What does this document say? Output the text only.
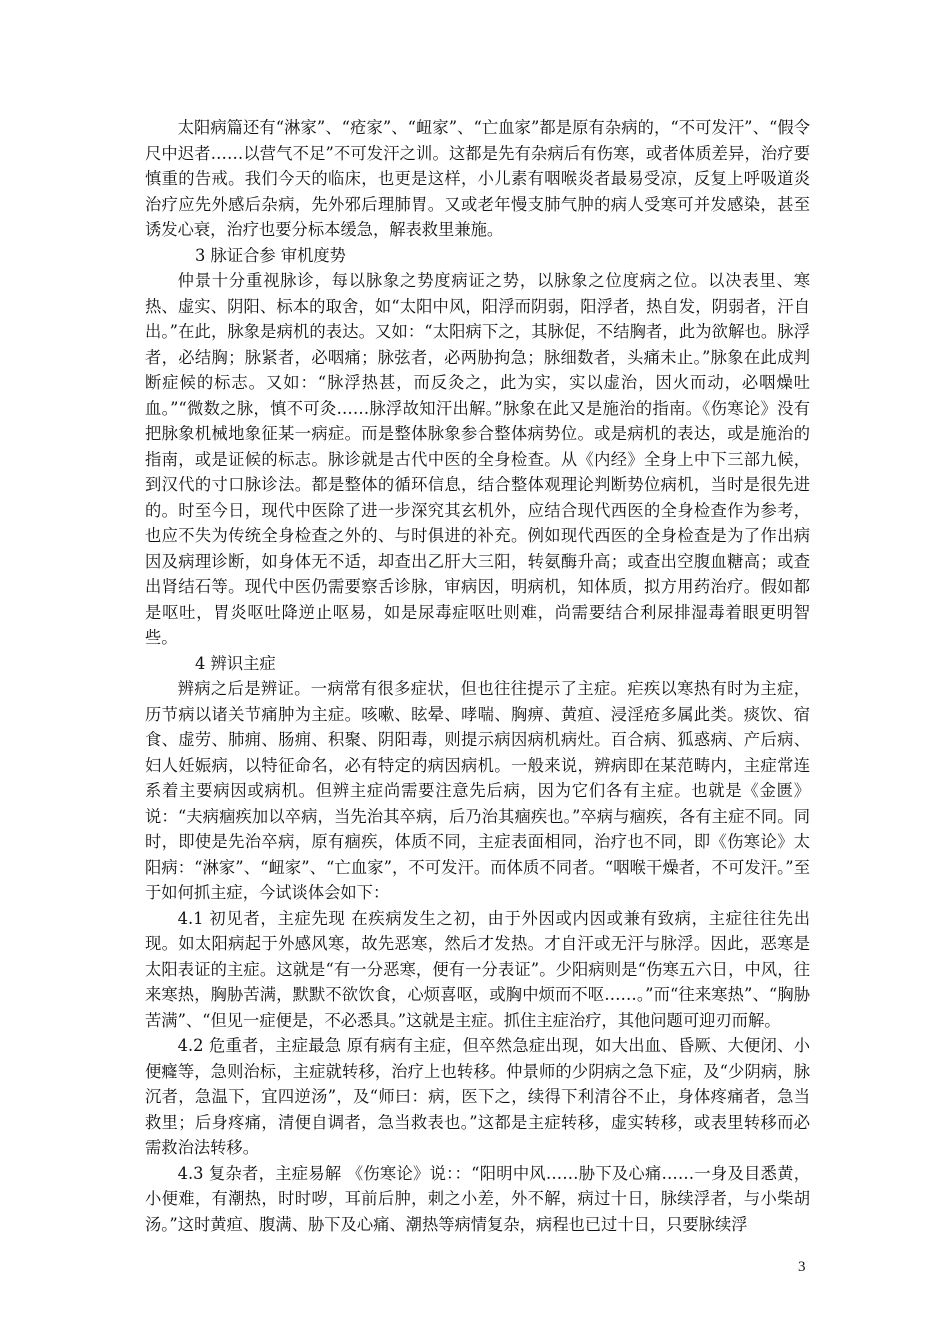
太阳病篇还有“淋家”、“疮家”、“衄家”、“亡血家”都是原有杂病的，“不可发汗”、“假令尺中迟者……以营气不足”不可发汗之训。这都是先有杂病后有伤寒，或者体质差异，治疗要慎重的告戒。我们今天的临床，也更是这样，小儿素有咽喉炎者最易受凉，反复上呼吸道炎治疗应先外感后杂病，先外邪后理肺胃。又或老年慢支肺气肿的病人受寒可并发感染，甚至诱发心衰，治疗也要分标本缓急，解表救里兼施。

3 脉证合参 审机度势

仲景十分重视脉诊，每以脉象之势度病证之势，以脉象之位度病之位。以决表里、寒热、虚实、阴阳、标本的取舍，如“太阳中风，阳浮而阴弱，阳浮者，热自发，阴弱者，汗自出。”在此，脉象是病机的表达。又如：“太阳病下之，其脉促，不结胸者，此为欲解也。脉浮者，必结胸；脉紧者，必咽痛；脉弦者，必两胁拘急；脉细数者，头痛未止。”脉象在此成判断症候的标志。又如：“脉浮热甚，而反灸之，此为实，实以虚治，因火而动，必咽燥吐血。”“微数之脉，慎不可灸……脉浮故知汗出解。”脉象在此又是施治的指南。《伤寒论》没有把脉象机械地象征某一病症。而是整体脉象参合整体病势位。或是病机的表达，或是施治的指南，或是证候的标志。脉诊就是古代中医的全身检查。从《内经》全身上中下三部九候，到汉代的寸口脉诊法。都是整体的循环信息，结合整体观理论判断势位病机，当时是很先进的。时至今日，现代中医除了进一步深究其玄机外，应结合现代西医的全身检查作为参考，也应不失为传统全身检查之外的、与时俱进的补充。例如现代西医的全身检查是为了作出病因及病理诊断，如身体无不适，却查出乙肝大三阳，转氨酶升高；或查出空腹血糖高；或查出肾结石等。现代中医仍需要察舌诊脉，审病因，明病机，知体质，拟方用药治疗。假如都是呕吐，胃炎呕吐降逆止呕易，如是尿毒症呕吐则难，尚需要结合利尿排湿毒着眼更明智些。

4 辨识主症

辨病之后是辨证。一病常有很多症状，但也往往提示了主症。疟疾以寒热有时为主症，历节病以诸关节痛肿为主症。咳嗽、眩晕、哮喘、胸痹、黄疸、浸淫疮多属此类。痰饮、宿食、虚劳、肺痈、肠痈、积聚、阴阳毒，则提示病因病机病灶。百合病、狐惑病、产后病、妇人妊娠病，以特征命名，必有特定的病因病机。一般来说，辨病即在某范畴内，主症常连系着主要病因或病机。但辨主症尚需要注意先后病，因为它们各有主症。也就是《金匮》说：“夫病痼疾加以卒病，当先治其卒病，后乃治其痼疾也。”卒病与痼疾，各有主症不同。同时，即使是先治卒病，原有痼疾，体质不同，主症表面相同，治疗也不同，即《伤寒论》太阳病：“淋家”、“衄家”、“亡血家”，不可发汗。而体质不同者。“咽喉干燥者，不可发汗。”至于如何抓主症，今试谈体会如下：

4.1 初见者，主症先现 在疾病发生之初，由于外因或内因或兼有致病，主症往往先出现。如太阳病起于外感风寒，故先恶寒，然后才发热。才自汗或无汗与脉浮。因此，恶寒是太阳表证的主症。这就是“有一分恶寒，便有一分表证”。少阳病则是“伤寒五六日，中风，往来寒热，胸胁苦满，默默不欲饮食，心烦喜呕，或胸中烦而不呕……。”而“往来寒热”、“胸胁苦满”、“但见一症便是，不必悉具。”这就是主症。抓住主症治疗，其他问题可迎刃而解。

4.2 危重者，主症最急 原有病有主症，但卒然急症出现，如大出血、昏厥、大便闭、小便癃等，急则治标，主症就转移，治疗上也转移。仲景师的少阴病之急下症，及“少阴病，脉沉者，急温下，宜四逆汤”，及“师曰：病，医下之，续得下利清谷不止，身体疼痛者，急当救里；后身疼痛，清便自调者，急当救表也。”这都是主症转移，虚实转移，或表里转移而必需救治法转移。

4.3 复杂者，主症易解 《伤寒论》说：：“阳明中风……胁下及心痛……一身及目悉黄，小便难，有潮热，时时哕，耳前后肿，刺之小差，外不解，病过十日，脉续浮者，与小柴胡汤。”这时黄疸、腹满、胁下及心痛、潮热等病情复杂，病程也已过十日，只要脉续浮

3
